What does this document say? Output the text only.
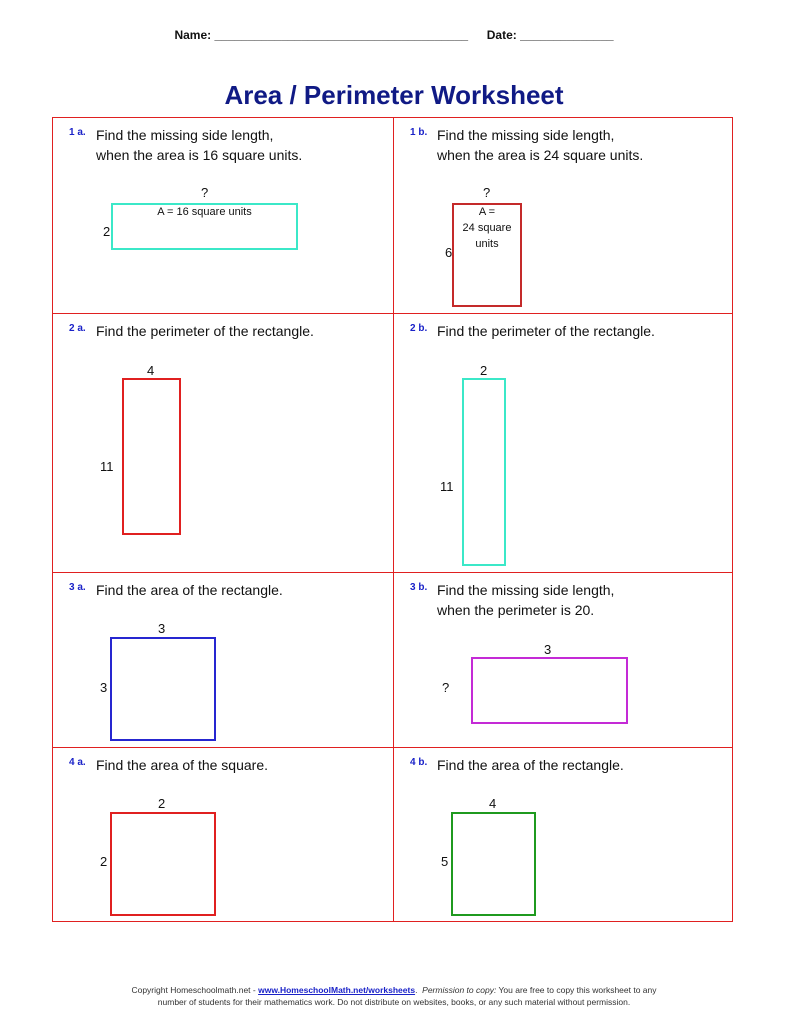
Name: ______________________________________ Date: ______________
Area / Perimeter Worksheet
1 a. Find the missing side length,
when the area is 16 square units.
?
A = 16 square units
2
1 b. Find the missing side length,
when the area is 24 square units.
?
A =
24 square
units
6
2 a. Find the perimeter of the rectangle.
4
11
2 b. Find the perimeter of the rectangle.
2
11
3 a. Find the area of the rectangle.
3
3
3 b. Find the missing side length,
when the perimeter is 20.
3
?
4 a. Find the area of the square.
2
2
4 b. Find the area of the rectangle.
4
5
Copyright Homeschoolmath.net - www.HomeschoolMath.net/worksheets.  Permission to copy: You are free to copy this worksheet to any
number of students for their mathematics work. Do not distribute on websites, books, or any such material without permission.
